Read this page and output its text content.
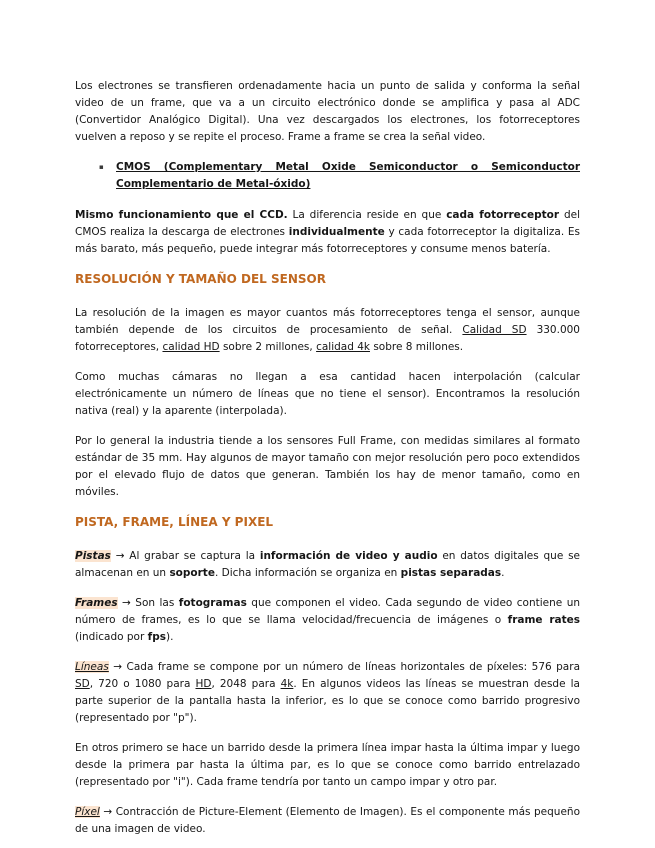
Los electrones se transfieren ordenadamente hacia un punto de salida y conforma la señal video de un frame, que va a un circuito electrónico donde se amplifica y pasa al ADC (Convertidor Analógico Digital). Una vez descargados los electrones, los fotorreceptores vuelven a reposo y se repite el proceso. Frame a frame se crea la señal video.

▪	CMOS (Complementary Metal Oxide Semiconductor o Semiconductor Complementario de Metal-óxido)

Mismo funcionamiento que el CCD. La diferencia reside en que cada fotorreceptor del CMOS realiza la descarga de electrones individualmente y cada fotorreceptor la digitaliza. Es más barato, más pequeño, puede integrar más fotorreceptores y consume menos batería.

RESOLUCIÓN Y TAMAÑO DEL SENSOR

La resolución de la imagen es mayor cuantos más fotorreceptores tenga el sensor, aunque también depende de los circuitos de procesamiento de señal. Calidad SD 330.000 fotorreceptores, calidad HD sobre 2 millones, calidad 4k sobre 8 millones.

Como muchas cámaras no llegan a esa cantidad hacen interpolación (calcular electrónicamente un número de líneas que no tiene el sensor). Encontramos la resolución nativa (real) y la aparente (interpolada).

Por lo general la industria tiende a los sensores Full Frame, con medidas similares al formato estándar de 35 mm. Hay algunos de mayor tamaño con mejor resolución pero poco extendidos por el elevado flujo de datos que generan. También los hay de menor tamaño, como en móviles.

PISTA, FRAME, LÍNEA Y PIXEL

Pistas → Al grabar se captura la información de video y audio en datos digitales que se almacenan en un soporte. Dicha información se organiza en pistas separadas.

Frames → Son las fotogramas que componen el video. Cada segundo de video contiene un número de frames, es lo que se llama velocidad/frecuencia de imágenes o frame rates (indicado por fps).

Líneas → Cada frame se compone por un número de líneas horizontales de píxeles: 576 para SD, 720 o 1080 para HD, 2048 para 4k. En algunos videos las líneas se muestran desde la parte superior de la pantalla hasta la inferior, es lo que se conoce como barrido progresivo (representado por "p").

En otros primero se hace un barrido desde la primera línea impar hasta la última impar y luego desde la primera par hasta la última par, es lo que se conoce como barrido entrelazado (representado por "i"). Cada frame tendría por tanto un campo impar y otro par.

Píxel → Contracción de Picture-Element (Elemento de Imagen). Es el componente más pequeño de una imagen de video.
